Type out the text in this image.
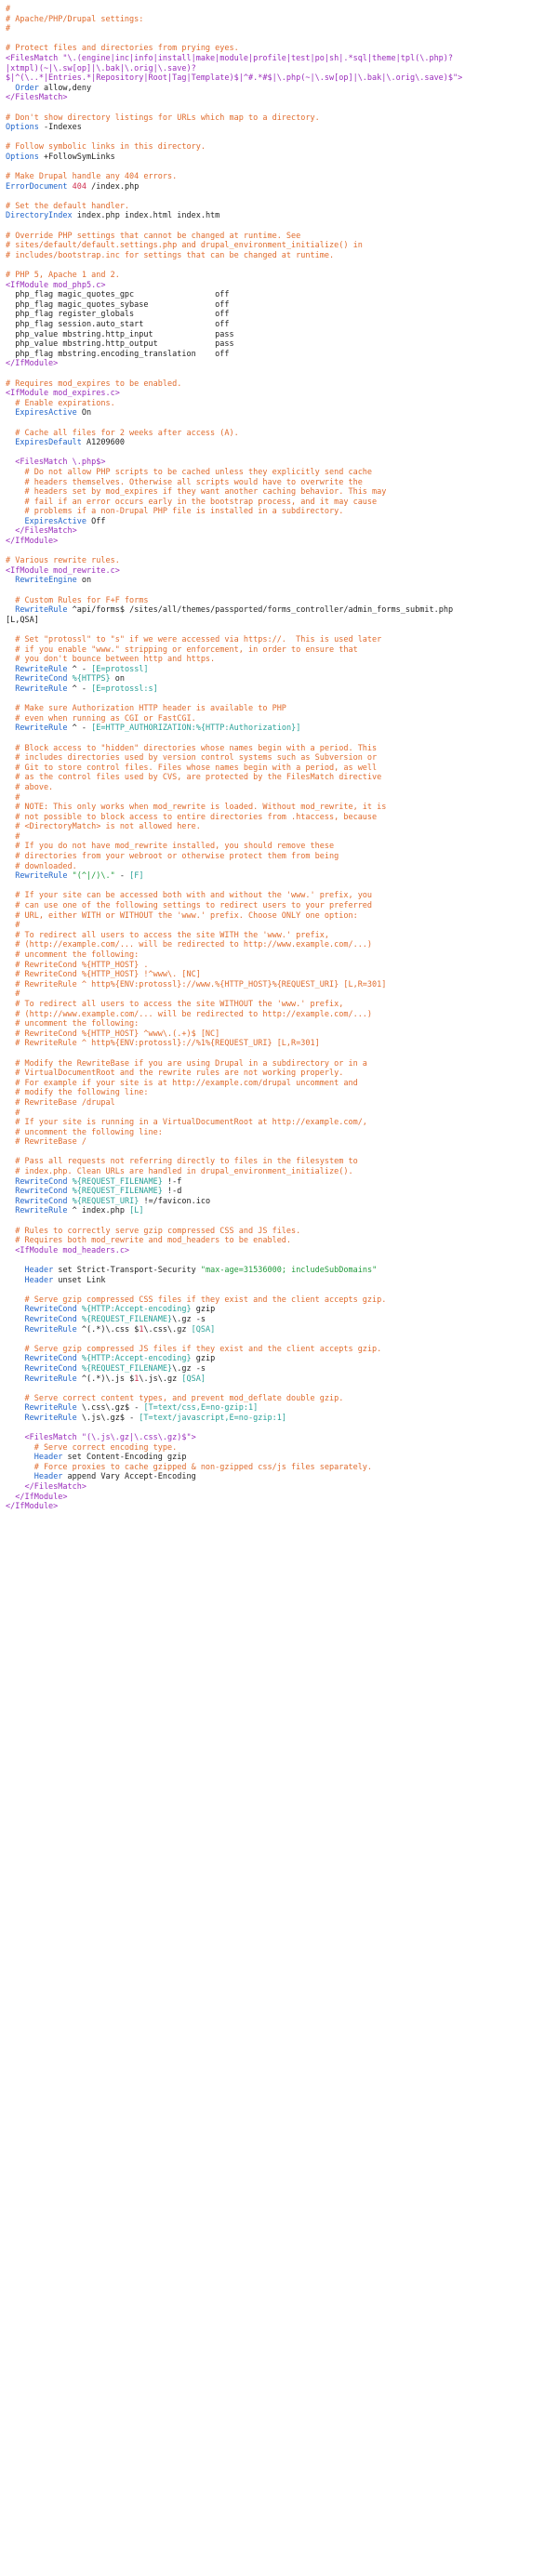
#
# Apache/PHP/Drupal settings:
#

# Protect files and directories from prying eyes.
<FilesMatch "\.(engine|inc|info|install|make|module|profile|test|po|sh|.*sql|theme|tpl(\.php)?
|xtmpl)(~|\.sw[op]|\.bak|\.orig|\.save)?
$|^(\..*|Entries.*|Repository|Root|Tag|Template)$|^#.*#$|\.php(~|\.sw[op]|\.bak|\.orig\.save)$">
Order allow,deny
</FilesMatch>

# Don't show directory listings for URLs which map to a directory.
Options -Indexes

# Follow symbolic links in this directory.
Options +FollowSymLinks

# Make Drupal handle any 404 errors.
ErrorDocument 404 /index.php

# Set the default handler.
DirectoryIndex index.php index.html index.htm

# Override PHP settings that cannot be changed at runtime. See
# sites/default/default.settings.php and drupal_environment_initialize() in
# includes/bootstrap.inc for settings that can be changed at runtime.

# PHP 5, Apache 1 and 2.
<IfModule mod_php5.c>
php_flag magic_quotes_gpc                 off
php_flag magic_quotes_sybase              off
php_flag register_globals                 off
php_flag session.auto_start               off
php_value mbstring.http_input             pass
php_value mbstring.http_output            pass
php_flag mbstring.encoding_translation    off
</IfModule>

# Requires mod_expires to be enabled.
<IfModule mod_expires.c>
# Enable expirations.
ExpiresActive On

# Cache all files for 2 weeks after access (A).
ExpiresDefault A1209600

<FilesMatch \.php$>
# Do not allow PHP scripts to be cached unless they explicitly send cache
# headers themselves. Otherwise all scripts would have to overwrite the
# headers set by mod_expires if they want another caching behavior. This may
# fail if an error occurs early in the bootstrap process, and it may cause
# problems if a non-Drupal PHP file is installed in a subdirectory.
ExpiresActive Off
</FilesMatch>
</IfModule>

# Various rewrite rules.
<IfModule mod_rewrite.c>
RewriteEngine on

# Custom Rules for F+F forms
RewriteRule ^api/forms$ /sites/all/themes/passported/forms_controller/admin_forms_submit.php
[L,QSA]

# Set "protossl" to "s" if we were accessed via https://.  This is used later
# if you enable "www." stripping or enforcement, in order to ensure that
# you don't bounce between http and https.
RewriteRule ^ - [E=protossl]
RewriteCond %{HTTPS} on
RewriteRule ^ - [E=protossl:s]

# Make sure Authorization HTTP header is available to PHP
# even when running as CGI or FastCGI.
RewriteRule ^ - [E=HTTP_AUTHORIZATION:%{HTTP:Authorization}]

# Block access to "hidden" directories whose names begin with a period. This
# includes directories used by version control systems such as Subversion or
# Git to store control files. Files whose names begin with a period, as well
# as the control files used by CVS, are protected by the FilesMatch directive
# above.
#
# NOTE: This only works when mod_rewrite is loaded. Without mod_rewrite, it is
# not possible to block access to entire directories from .htaccess, because
# <DirectoryMatch> is not allowed here.
#
# If you do not have mod_rewrite installed, you should remove these
# directories from your webroot or otherwise protect them from being
# downloaded.
RewriteRule "(^|/)\." - [F]

# If your site can be accessed both with and without the 'www.' prefix, you
# can use one of the following settings to redirect users to your preferred
# URL, either WITH or WITHOUT the 'www.' prefix. Choose ONLY one option:
#
# To redirect all users to access the site WITH the 'www.' prefix,
# (http://example.com/... will be redirected to http://www.example.com/...)
# uncomment the following:
# RewriteCond %{HTTP_HOST} .
# RewriteCond %{HTTP_HOST} !^www\. [NC]
# RewriteRule ^ http%{ENV:protossl}://www.%{HTTP_HOST}%{REQUEST_URI} [L,R=301]
#
# To redirect all users to access the site WITHOUT the 'www.' prefix,
# (http://www.example.com/... will be redirected to http://example.com/...)
# uncomment the following:
# RewriteCond %{HTTP_HOST} ^www\.(.+)$ [NC]
# RewriteRule ^ http%{ENV:protossl}://%1%{REQUEST_URI} [L,R=301]

# Modify the RewriteBase if you are using Drupal in a subdirectory or in a
# VirtualDocumentRoot and the rewrite rules are not working properly.
# For example if your site is at http://example.com/drupal uncomment and
# modify the following line:
# RewriteBase /drupal
#
# If your site is running in a VirtualDocumentRoot at http://example.com/,
# uncomment the following line:
# RewriteBase /

# Pass all requests not referring directly to files in the filesystem to
# index.php. Clean URLs are handled in drupal_environment_initialize().
RewriteCond %{REQUEST_FILENAME} !-f
RewriteCond %{REQUEST_FILENAME} !-d
RewriteCond %{REQUEST_URI} !=/favicon.ico
RewriteRule ^ index.php [L]

# Rules to correctly serve gzip compressed CSS and JS files.
# Requires both mod_rewrite and mod_headers to be enabled.
<IfModule mod_headers.c>

Header set Strict-Transport-Security "max-age=31536000; includeSubDomains"
Header unset Link

# Serve gzip compressed CSS files if they exist and the client accepts gzip.
RewriteCond %{HTTP:Accept-encoding} gzip
RewriteCond %{REQUEST_FILENAME}\.gz -s
RewriteRule ^(.*)\.css $1\.css\.gz [QSA]

# Serve gzip compressed JS files if they exist and the client accepts gzip.
RewriteCond %{HTTP:Accept-encoding} gzip
RewriteCond %{REQUEST_FILENAME}\.gz -s
RewriteRule ^(.*)\.js $1\.js\.gz [QSA]

# Serve correct content types, and prevent mod_deflate double gzip.
RewriteRule \.css\.gz$ - [T=text/css,E=no-gzip:1]
RewriteRule \.js\.gz$ - [T=text/javascript,E=no-gzip:1]

<FilesMatch "(\.js\.gz|\.css\.gz)$">
# Serve correct encoding type.
Header set Content-Encoding gzip
# Force proxies to cache gzipped & non-gzipped css/js files separately.
Header append Vary Accept-Encoding
</FilesMatch>
</IfModule>
</IfModule>
